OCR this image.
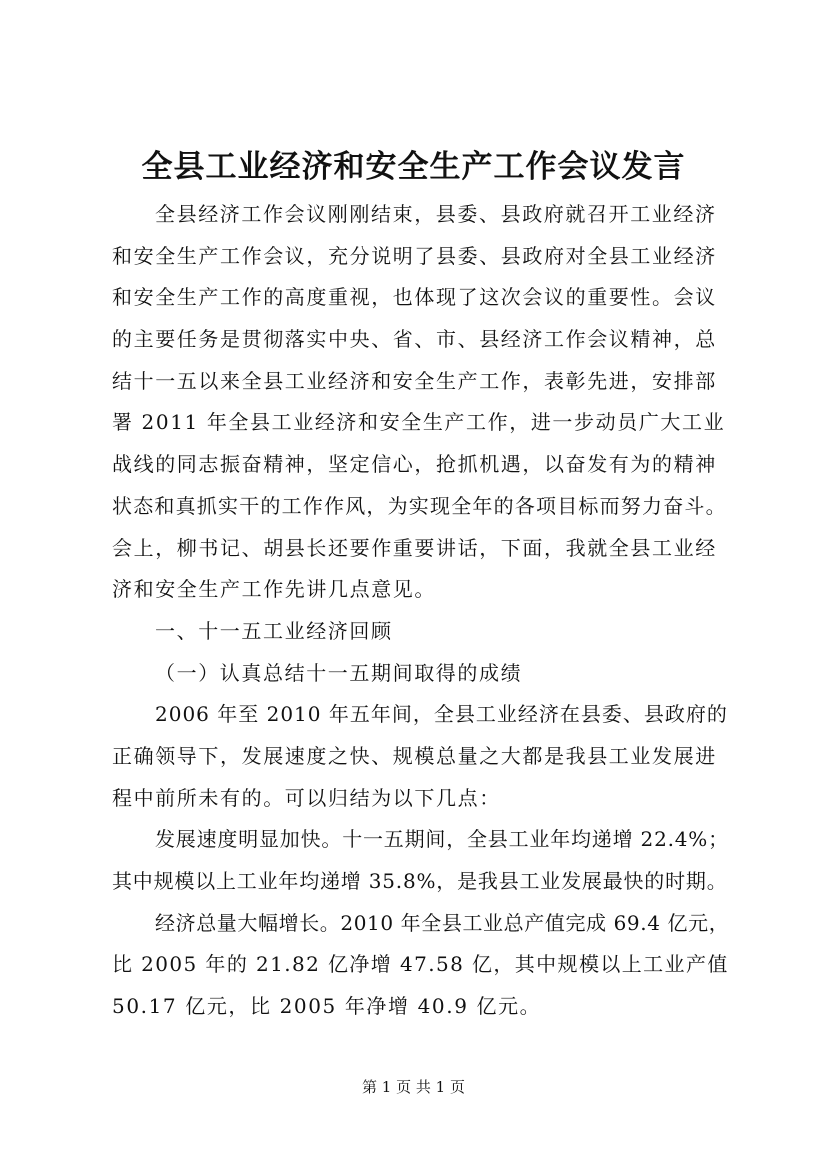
全县工业经济和安全生产工作会议发言
全县经济工作会议刚刚结束，县委、县政府就召开工业经济
和安全生产工作会议，充分说明了县委、县政府对全县工业经济
和安全生产工作的高度重视，也体现了这次会议的重要性。会议
的主要任务是贯彻落实中央、省、市、县经济工作会议精神，总
结十一五以来全县工业经济和安全生产工作，表彰先进，安排部
署 2011 年全县工业经济和安全生产工作，进一步动员广大工业
战线的同志振奋精神，坚定信心，抢抓机遇，以奋发有为的精神
状态和真抓实干的工作作风，为实现全年的各项目标而努力奋斗。
会上，柳书记、胡县长还要作重要讲话，下面，我就全县工业经
济和安全生产工作先讲几点意见。
一、十一五工业经济回顾
（一）认真总结十一五期间取得的成绩
2006 年至 2010 年五年间，全县工业经济在县委、县政府的
正确领导下，发展速度之快、规模总量之大都是我县工业发展进
程中前所未有的。可以归结为以下几点：
发展速度明显加快。十一五期间，全县工业年均递增 22.4%；
其中规模以上工业年均递增 35.8%，是我县工业发展最快的时期。
经济总量大幅增长。2010 年全县工业总产值完成 69.4 亿元，
比 2005 年的 21.82 亿净增 47.58 亿，其中规模以上工业产值
50.17 亿元，比 2005 年净增 40.9 亿元。
第 1 页 共 1 页
